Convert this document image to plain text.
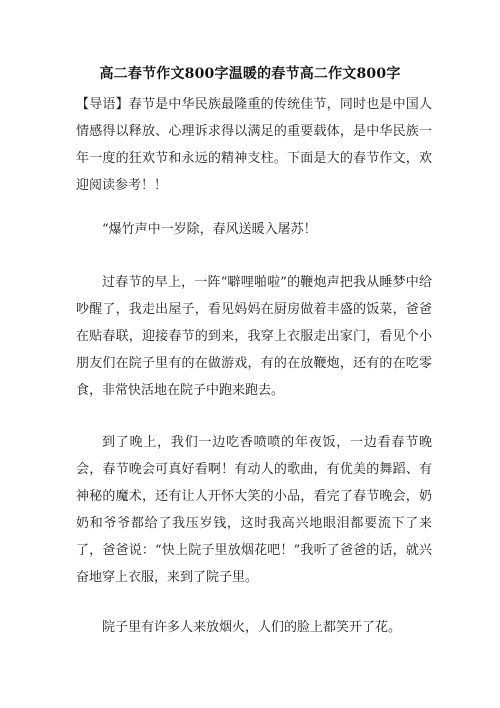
高二春节作文800字温暖的春节高二作文800字
【导语】春节是中华民族最隆重的传统佳节，同时也是中国人情感得以释放、心理诉求得以满足的重要载体，是中华民族一年一度的狂欢节和永远的精神支柱。下面是大的春节作文，欢迎阅读参考！！
“爆竹声中一岁除，春风送暖入屠苏！
过春节的早上，一阵“噼哩啪啦”的鞭炮声把我从睡梦中给吵醒了，我走出屋子，看见妈妈在厨房做着丰盛的饭菜，爸爸在贴春联，迎接春节的到来，我穿上衣服走出家门，看见个小朋友们在院子里有的在做游戏，有的在放鞭炮，还有的在吃零食，非常快活地在院子中跑来跑去。
到了晚上，我们一边吃香喷喷的年夜饭，一边看春节晚会，春节晚会可真好看啊！有动人的歌曲，有优美的舞蹈、有神秘的魔术，还有让人开怀大笑的小品，看完了春节晚会，奶奶和爷爷都给了我压岁钱，这时我高兴地眼泪都要流下了来了，爸爸说：“快上院子里放烟花吧！”我听了爸爸的话，就兴奋地穿上衣服，来到了院子里。
院子里有许多人来放烟火，人们的脸上都笑开了花。
